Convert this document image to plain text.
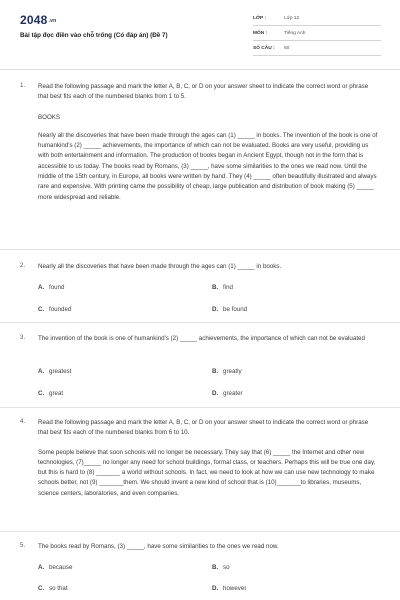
2048.vn
Bài tập đọc điền vào chỗ trống (Có đáp án) (Đề 7)
LỚP :	Lớp 12
MÔN :	Tiếng Anh
SỐ CÂU : 60
1. Read the following passage and mark the letter A, B, C, or D on your answer sheet to indicate the correct word or phrase that best fits each of the numbered blanks from 1 to 5.

BOOKS

Nearly all the discoveries that have been made through the ages can (1) _____ in books. The invention of the book is one of humankind's (2) _____ achievements, the importance of which can not be evaluated. Books are very useful, providing us with both entertainment and information. The production of books began in Ancient Egypt, though not in the form that is accessible to us today. The books read by Romans, (3) _____, have some similarities to the ones we read now. Until the middle of the 15th century, in Europe, all books were written by hand. They (4) _____ often beautifully illustrated and always rare and expensive. With printing came the possibility of cheap, large publication and distribution of book making (5) _____ more widespread and reliable.

2. Nearly all the discoveries that have been made through the ages can (1) _____ in books.

A. found	B. find
C. founded	D. be found
3. The invention of the book is one of humankind's (2) _____ achievements, the importance of which can not be evaluated

A. greatest	B. greatly
C. great	D. greater
4. Read the following passage and mark the letter A, B, C, or D on your answer sheet to indicate the correct word or phrase that best fits each of the numbered blanks from 6 to 10.

Some people believe that soon schools will no longer be necessary. They say that (6) _____ the Internet and other new technologies, (7)_____ no longer any need for school buildings, formal class, or teachers. Perhaps this will be true one day, but this is hard to (8) _______ a world without schools. In fact, we need to look at how we can use new technology to make schools better, not (9) _______them. We should invent a new kind of school that is (10)_______to libraries, museums, science centers, laboratories, and even companies.

5. The books read by Romans, (3) _____, have some similarities to the ones we read now.

A. because	B. so
C. so that	D. however
